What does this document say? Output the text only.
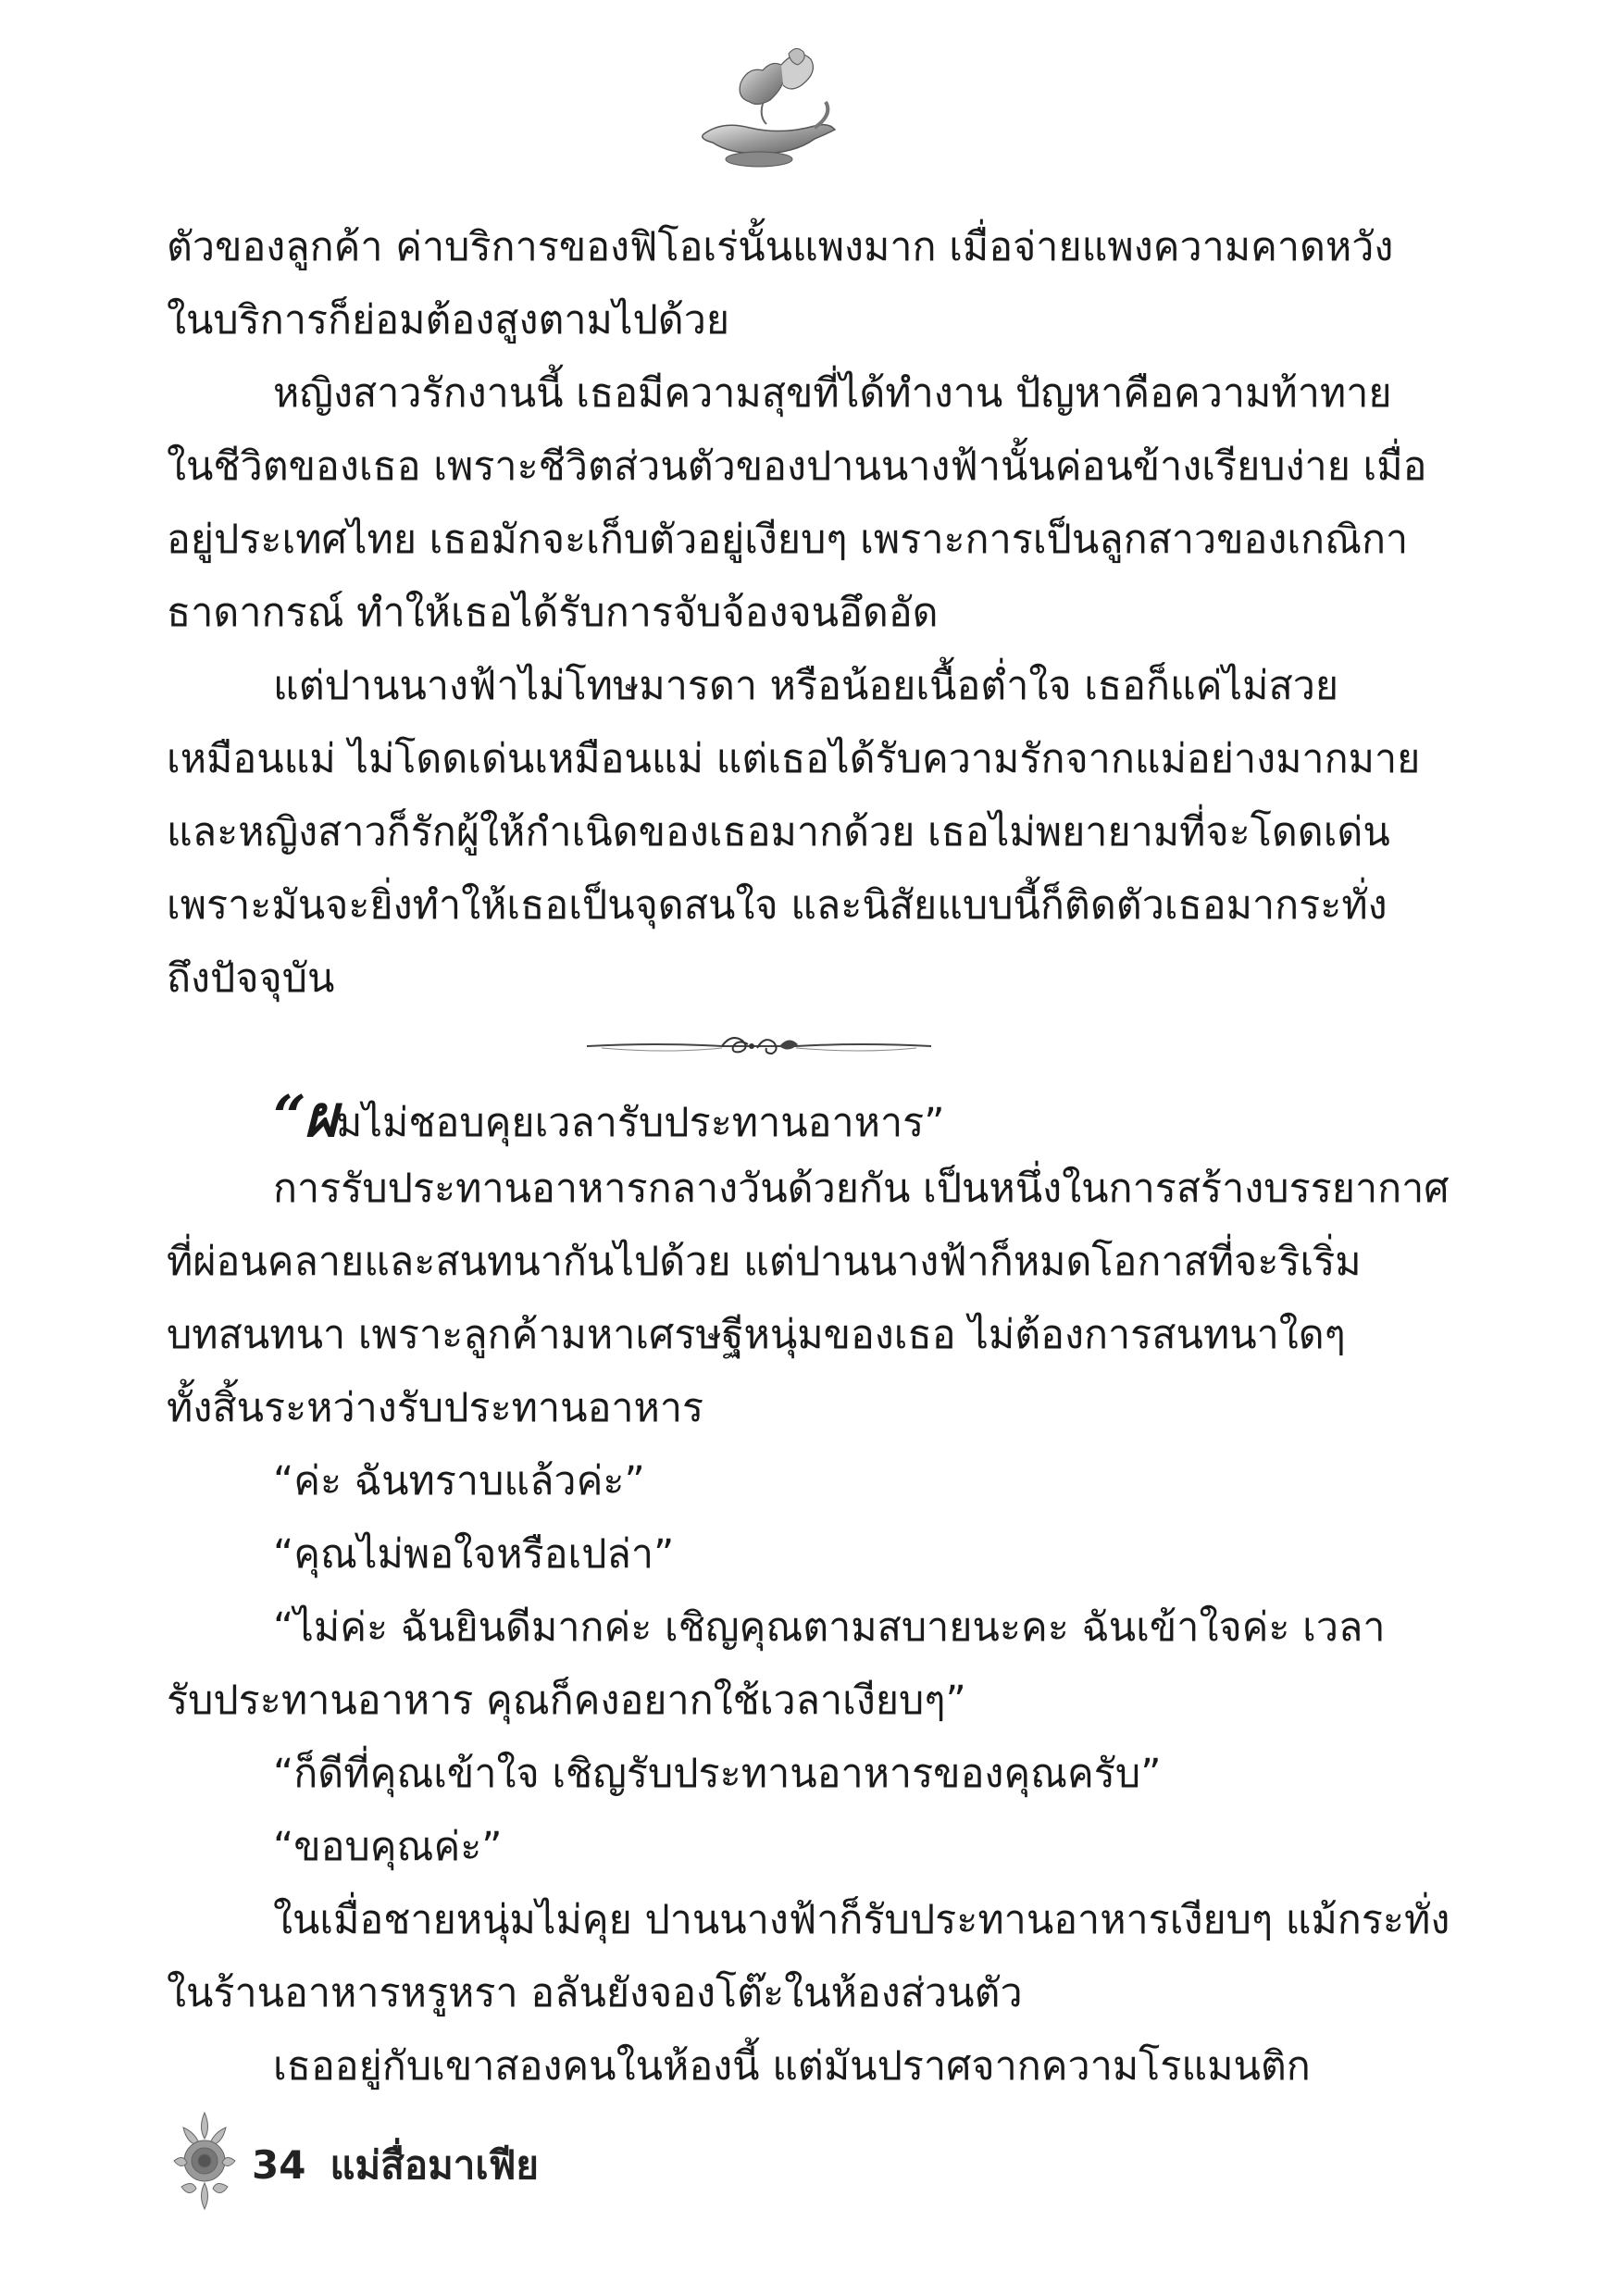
ตัวของลูกค้า ค่าบริการของฟิโอเร่นั้นแพงมาก เมื่อจ่ายแพงความคาดหวัง
ในบริการก็ย่อมต้องสูงตามไปด้วย
หญิงสาวรักงานนี้ เธอมีความสุขที่ได้ทำงาน ปัญหาคือความท้าทาย
ในชีวิตของเธอ เพราะชีวิตส่วนตัวของปานนางฟ้านั้นค่อนข้างเรียบง่าย เมื่อ
อยู่ประเทศไทย เธอมักจะเก็บตัวอยู่เงียบๆ เพราะการเป็นลูกสาวของเกณิกา
ธาดากรณ์ ทำให้เธอได้รับการจับจ้องจนอึดอัด
แต่ปานนางฟ้าไม่โทษมารดา หรือน้อยเนื้อต่ำใจ เธอก็แค่ไม่สวย
เหมือนแม่ ไม่โดดเด่นเหมือนแม่ แต่เธอได้รับความรักจากแม่อย่างมากมาย
และหญิงสาวก็รักผู้ให้กำเนิดของเธอมากด้วย เธอไม่พยายามที่จะโดดเด่น
เพราะมันจะยิ่งทำให้เธอเป็นจุดสนใจ และนิสัยแบบนี้ก็ติดตัวเธอมากระทั่ง
ถึงปัจจุบัน
“ผมไม่ชอบคุยเวลารับประทานอาหาร”
การรับประทานอาหารกลางวันด้วยกัน เป็นหนึ่งในการสร้างบรรยากาศ
ที่ผ่อนคลายและสนทนากันไปด้วย แต่ปานนางฟ้าก็หมดโอกาสที่จะริเริ่ม
บทสนทนา เพราะลูกค้ามหาเศรษฐีหนุ่มของเธอ ไม่ต้องการสนทนาใดๆ
ทั้งสิ้นระหว่างรับประทานอาหาร
“ค่ะ ฉันทราบแล้วค่ะ”
“คุณไม่พอใจหรือเปล่า”
“ไม่ค่ะ ฉันยินดีมากค่ะ เชิญคุณตามสบายนะคะ ฉันเข้าใจค่ะ เวลา
รับประทานอาหาร คุณก็คงอยากใช้เวลาเงียบๆ”
“ก็ดีที่คุณเข้าใจ เชิญรับประทานอาหารของคุณครับ”
“ขอบคุณค่ะ”
ในเมื่อชายหนุ่มไม่คุย ปานนางฟ้าก็รับประทานอาหารเงียบๆ แม้กระทั่ง
ในร้านอาหารหรูหรา อลันยังจองโต๊ะในห้องส่วนตัว
เธออยู่กับเขาสองคนในห้องนี้ แต่มันปราศจากความโรแมนติก
34 แม่สื่อมาเฟีย
